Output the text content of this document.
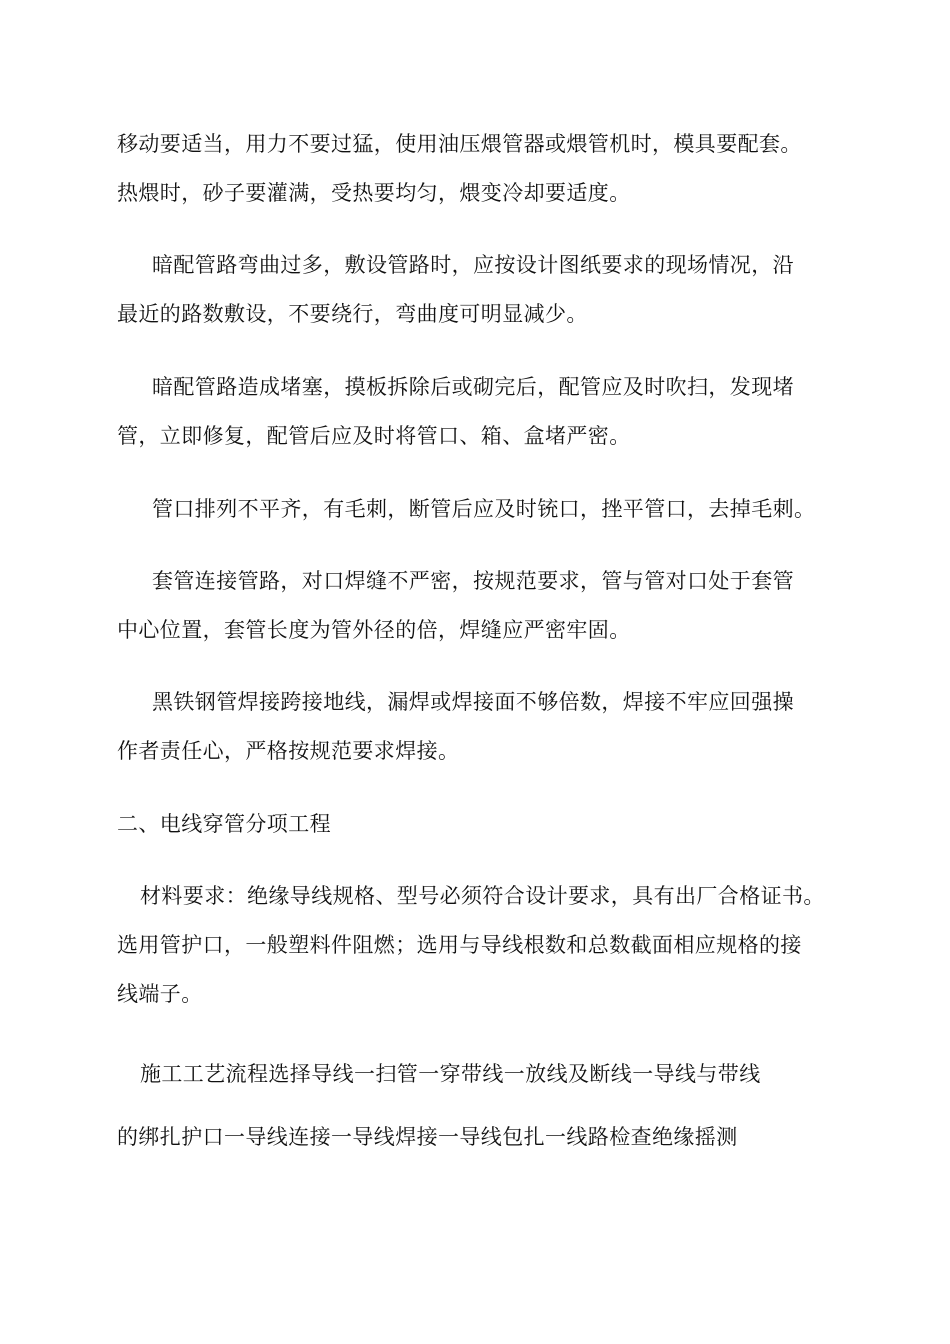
移动要适当，用力不要过猛，使用油压煨管器或煨管机时，模具要配套。
热煨时，砂子要灌满，受热要均匀，煨变冷却要适度。
暗配管路弯曲过多，敷设管路时，应按设计图纸要求的现场情况，沿
最近的路数敷设，不要绕行，弯曲度可明显减少。
暗配管路造成堵塞，摸板拆除后或砌完后，配管应及时吹扫，发现堵
管，立即修复，配管后应及时将管口、箱、盒堵严密。
管口排列不平齐，有毛刺，断管后应及时铳口，挫平管口，去掉毛刺。
套管连接管路，对口焊缝不严密，按规范要求，管与管对口处于套管
中心位置，套管长度为管外径的倍，焊缝应严密牢固。
黑铁钢管焊接跨接地线，漏焊或焊接面不够倍数，焊接不牢应回强操
作者责任心，严格按规范要求焊接。
二、电线穿管分项工程
材料要求：绝缘导线规格、型号必须符合设计要求，具有出厂合格证书。
选用管护口，一般塑料件阻燃；选用与导线根数和总数截面相应规格的接
线端子。
施工工艺流程选择导线一扫管一穿带线一放线及断线一导线与带线
的绑扎护口一导线连接一导线焊接一导线包扎一线路检查绝缘摇测
